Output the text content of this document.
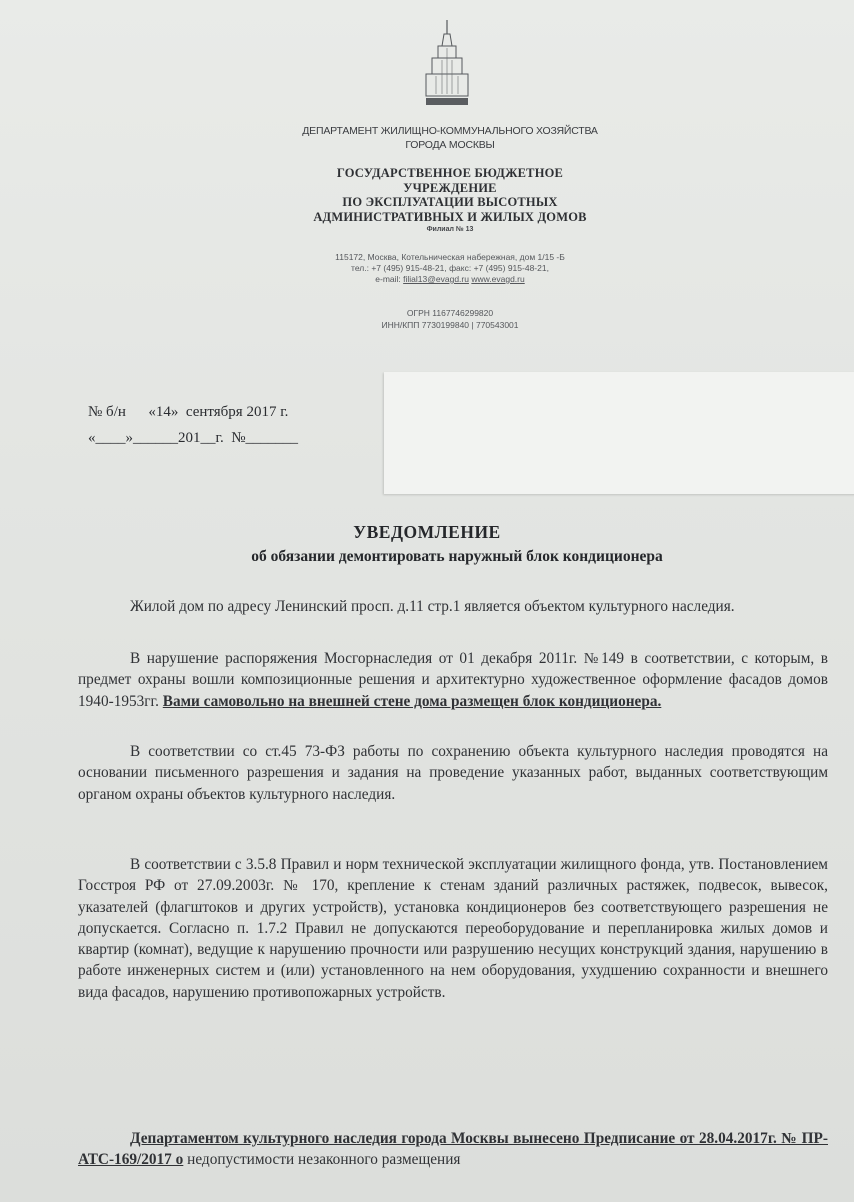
ДЕПАРТАМЕНТ ЖИЛИЩНО-КОММУНАЛЬНОГО ХОЗЯЙСТВА
ГОРОДА МОСКВЫ
ГОСУДАРСТВЕННОЕ БЮДЖЕТНОЕ
УЧРЕЖДЕНИЕ
ПО ЭКСПЛУАТАЦИИ ВЫСОТНЫХ
АДМИНИСТРАТИВНЫХ И ЖИЛЫХ ДОМОВ
Филиал № 13
115172, Москва, Котельническая набережная, дом 1/15 -Б
тел.: +7 (495) 915-48-21, факс: +7 (495) 915-48-21,
e-mail: filial13@evagd.ru www.evagd.ru
ОГРН 1167746299820
ИНН/КПП 7730199840 | 770543001
№ б/н      «14»  сентября 2017 г.
«____»______201__г.  №_______
УВЕДОМЛЕНИЕ
об обязании демонтировать наружный блок кондиционера

Жилой дом по адресу Ленинский просп. д.11 стр.1 является объектом культурного наследия.

В нарушение распоряжения Мосгорнаследия от 01 декабря 2011г. №149 в соответствии, с которым, в предмет охраны вошли композиционные решения и архитектурно художественное оформление фасадов домов 1940-1953гг. Вами самовольно на внешней стене дома размещен блок кондиционера.

В соответствии со ст.45 73-ФЗ работы по сохранению объекта культурного наследия проводятся на основании письменного разрешения и задания на проведение указанных работ, выданных соответствующим органом охраны объектов культурного наследия.

В соответствии с 3.5.8 Правил и норм технической эксплуатации жилищного фонда, утв. Постановлением Госстроя РФ от 27.09.2003г. № 170, крепление к стенам зданий различных растяжек, подвесок, вывесок, указателей (флагштоков и других устройств), установка кондиционеров без соответствующего разрешения не допускается. Согласно п. 1.7.2 Правил не допускаются переоборудование и перепланировка жилых домов и квартир (комнат), ведущие к нарушению прочности или разрушению несущих конструкций здания, нарушению в работе инженерных систем и (или) установленного на нем оборудования, ухудшению сохранности и внешнего вида фасадов, нарушению противопожарных устройств.

Департаментом культурного наследия города Москвы вынесено Предписание от 28.04.2017г. № ПР-АТС-169/2017 о недопустимости незаконного размещения
